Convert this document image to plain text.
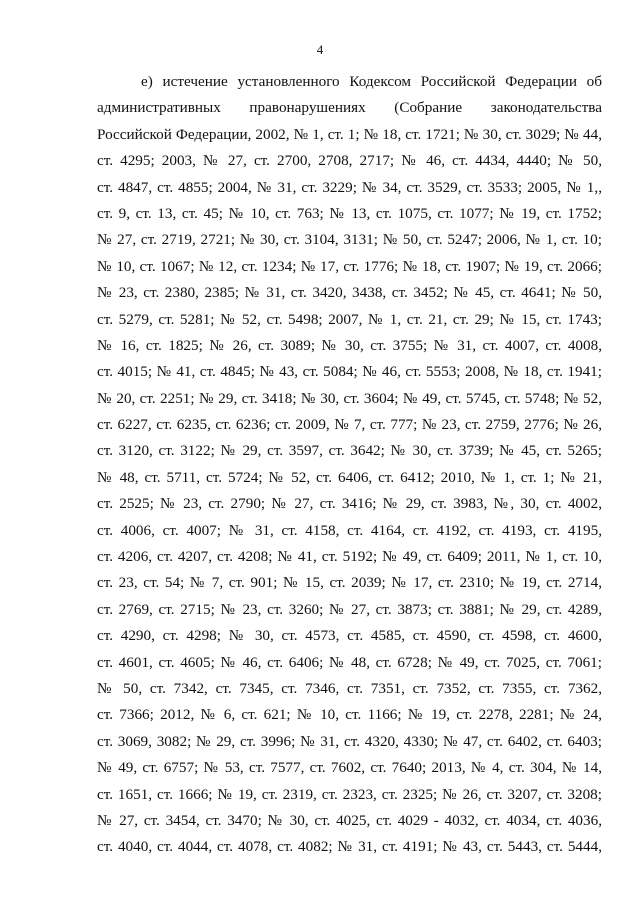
4
е) истечение установленного Кодексом Российской Федерации об
административных правонарушениях (Собрание законодательства
Российской Федерации, 2002, № 1, ст. 1; № 18, ст. 1721; № 30, ст. 3029; № 44,
ст. 4295; 2003, № 27, ст. 2700, 2708, 2717; № 46, ст. 4434, 4440; № 50,
ст. 4847, ст. 4855; 2004, № 31, ст. 3229; № 34, ст. 3529, ст. 3533; 2005, № 1,,
ст. 9, ст. 13, ст. 45; № 10, ст. 763; № 13, ст. 1075, ст. 1077; № 19, ст. 1752;
№ 27, ст. 2719, 2721; № 30, ст. 3104, 3131; № 50, ст. 5247; 2006, № 1, ст. 10;
№ 10, ст. 1067; № 12, ст. 1234; № 17, ст. 1776; № 18, ст. 1907; № 19, ст. 2066;
№ 23, ст. 2380, 2385; № 31, ст. 3420, 3438, ст. 3452; № 45, ст. 4641; № 50,
ст. 5279, ст. 5281; № 52, ст. 5498; 2007, № 1, ст. 21, ст. 29; № 15, ст. 1743;
№ 16, ст. 1825; № 26, ст. 3089; № 30, ст. 3755; № 31, ст. 4007, ст. 4008,
ст. 4015; № 41, ст. 4845; № 43, ст. 5084; № 46, ст. 5553; 2008, № 18, ст. 1941;
№ 20, ст. 2251; № 29, ст. 3418; № 30, ст. 3604; № 49, ст. 5745, ст. 5748; № 52,
ст. 6227, ст. 6235, ст. 6236; ст. 2009, № 7, ст. 777; № 23, ст. 2759, 2776; № 26,
ст. 3120, ст. 3122; № 29, ст. 3597, ст. 3642; № 30, ст. 3739; № 45, ст. 5265;
№ 48, ст. 5711, ст. 5724; № 52, ст. 6406, ст. 6412; 2010, № 1, ст. 1; № 21,
ст. 2525; № 23, ст. 2790; № 27, ст. 3416; № 29, ст. 3983, №, 30, ст. 4002,
ст. 4006, ст. 4007; № 31, ст. 4158, ст. 4164, ст. 4192, ст. 4193, ст. 4195,
ст. 4206, ст. 4207, ст. 4208; № 41, ст. 5192; № 49, ст. 6409; 2011, № 1, ст. 10,
ст. 23, ст. 54; № 7, ст. 901; № 15, ст. 2039; № 17, ст. 2310; № 19, ст. 2714,
ст. 2769, ст. 2715; № 23, ст. 3260; № 27, ст. 3873; ст. 3881; № 29, ст. 4289,
ст. 4290, ст. 4298; № 30, ст. 4573, ст. 4585, ст. 4590, ст. 4598, ст. 4600,
ст. 4601, ст. 4605; № 46, ст. 6406; № 48, ст. 6728; № 49, ст. 7025, ст. 7061;
№ 50, ст. 7342, ст. 7345, ст. 7346, ст. 7351, ст. 7352, ст. 7355, ст. 7362,
ст. 7366; 2012, № 6, ст. 621; № 10, ст. 1166; № 19, ст. 2278, 2281; № 24,
ст. 3069, 3082; № 29, ст. 3996; № 31, ст. 4320, 4330; № 47, ст. 6402, ст. 6403;
№ 49, ст. 6757; № 53, ст. 7577, ст. 7602, ст. 7640; 2013, № 4, ст. 304, № 14,
ст. 1651, ст. 1666; № 19, ст. 2319, ст. 2323, ст. 2325; № 26, ст. 3207, ст. 3208;
№ 27, ст. 3454, ст. 3470; № 30, ст. 4025, ст. 4029 - 4032, ст. 4034, ст. 4036,
ст. 4040, ст. 4044, ст. 4078, ст. 4082; № 31, ст. 4191; № 43, ст. 5443, ст. 5444,
